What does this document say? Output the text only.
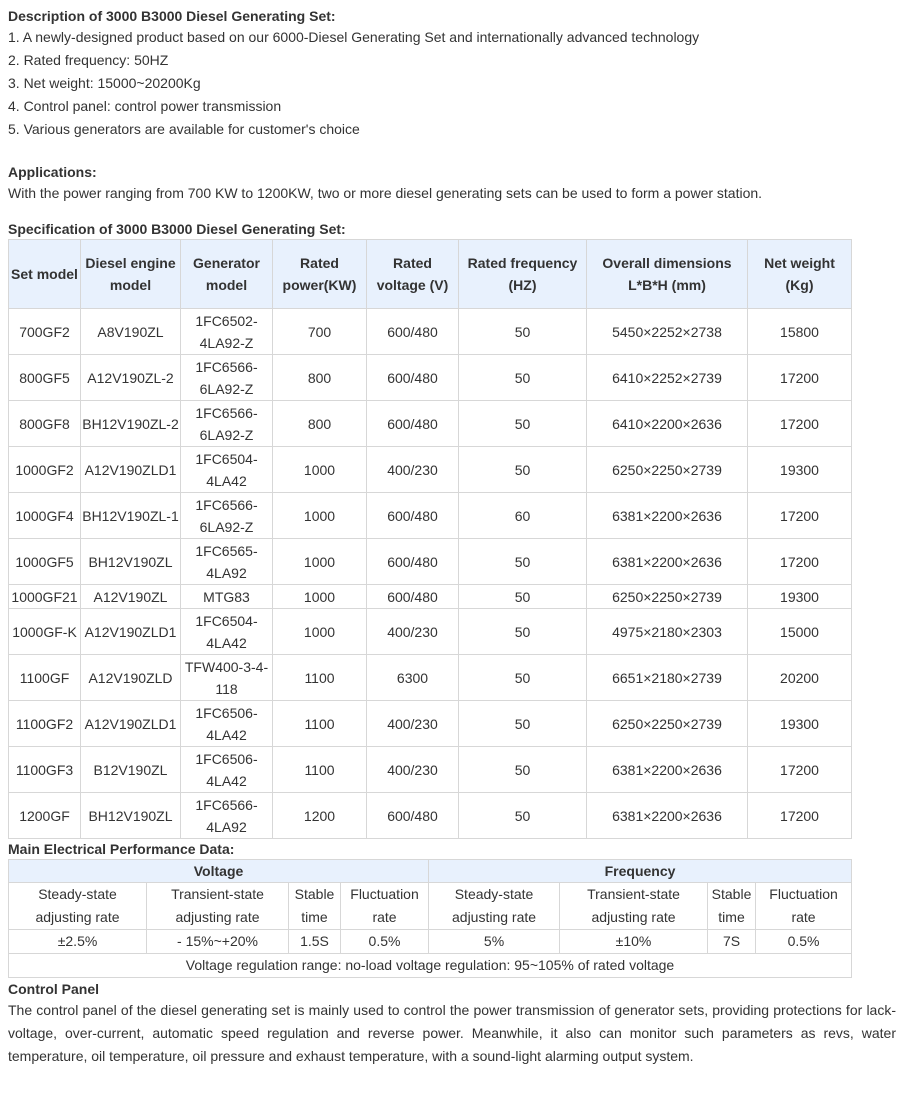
Description of 3000 B3000 Diesel Generating Set:
1. A newly-designed product based on our 6000-Diesel Generating Set and internationally advanced technology
2. Rated frequency: 50HZ
3. Net weight: 15000~20200Kg
4. Control panel: control power transmission
5. Various generators are available for customer's choice
Applications:
With the power ranging from 700 KW to 1200KW, two or more diesel generating sets can be used to form a power station.
Specification of 3000 B3000 Diesel Generating Set:
Set model	Diesel engine model	Generator model	Rated power(KW)	Rated voltage (V)	Rated frequency (HZ)	Overall dimensions L*B*H (mm)	Net weight (Kg)
700GF2	A8V190ZL	1FC6502-4LA92-Z	700	600/480	50	5450×2252×2738	15800
800GF5	A12V190ZL-2	1FC6566-6LA92-Z	800	600/480	50	6410×2252×2739	17200
800GF8	BH12V190ZL-2	1FC6566-6LA92-Z	800	600/480	50	6410×2200×2636	17200
1000GF2	A12V190ZLD1	1FC6504-4LA42	1000	400/230	50	6250×2250×2739	19300
1000GF4	BH12V190ZL-1	1FC6566-6LA92-Z	1000	600/480	60	6381×2200×2636	17200
1000GF5	BH12V190ZL	1FC6565-4LA92	1000	600/480	50	6381×2200×2636	17200
1000GF21	A12V190ZL	MTG83	1000	600/480	50	6250×2250×2739	19300
1000GF-K	A12V190ZLD1	1FC6504-4LA42	1000	400/230	50	4975×2180×2303	15000
1100GF	A12V190ZLD	TFW400-3-4-118	1100	6300	50	6651×2180×2739	20200
1100GF2	A12V190ZLD1	1FC6506-4LA42	1100	400/230	50	6250×2250×2739	19300
1100GF3	B12V190ZL	1FC6506-4LA42	1100	400/230	50	6381×2200×2636	17200
1200GF	BH12V190ZL	1FC6566-4LA92	1200	600/480	50	6381×2200×2636	17200
Main Electrical Performance Data:
Voltage				Frequency			
Steady-state adjusting rate	Transient-state adjusting rate	Stable time	Fluctuation rate	Steady-state adjusting rate	Transient-state adjusting rate	Stable time	Fluctuation rate
±2.5%	- 15%~+20%	1.5S	0.5%	5%	±10%	7S	0.5%
Voltage regulation range: no-load voltage regulation: 95~105% of rated voltage							
Control Panel
The control panel of the diesel generating set is mainly used to control the power transmission of generator sets, providing protections for lack-voltage, over-current, automatic speed regulation and reverse power. Meanwhile, it also can monitor such parameters as revs, water temperature, oil temperature, oil pressure and exhaust temperature, with a sound-light alarming output system.
